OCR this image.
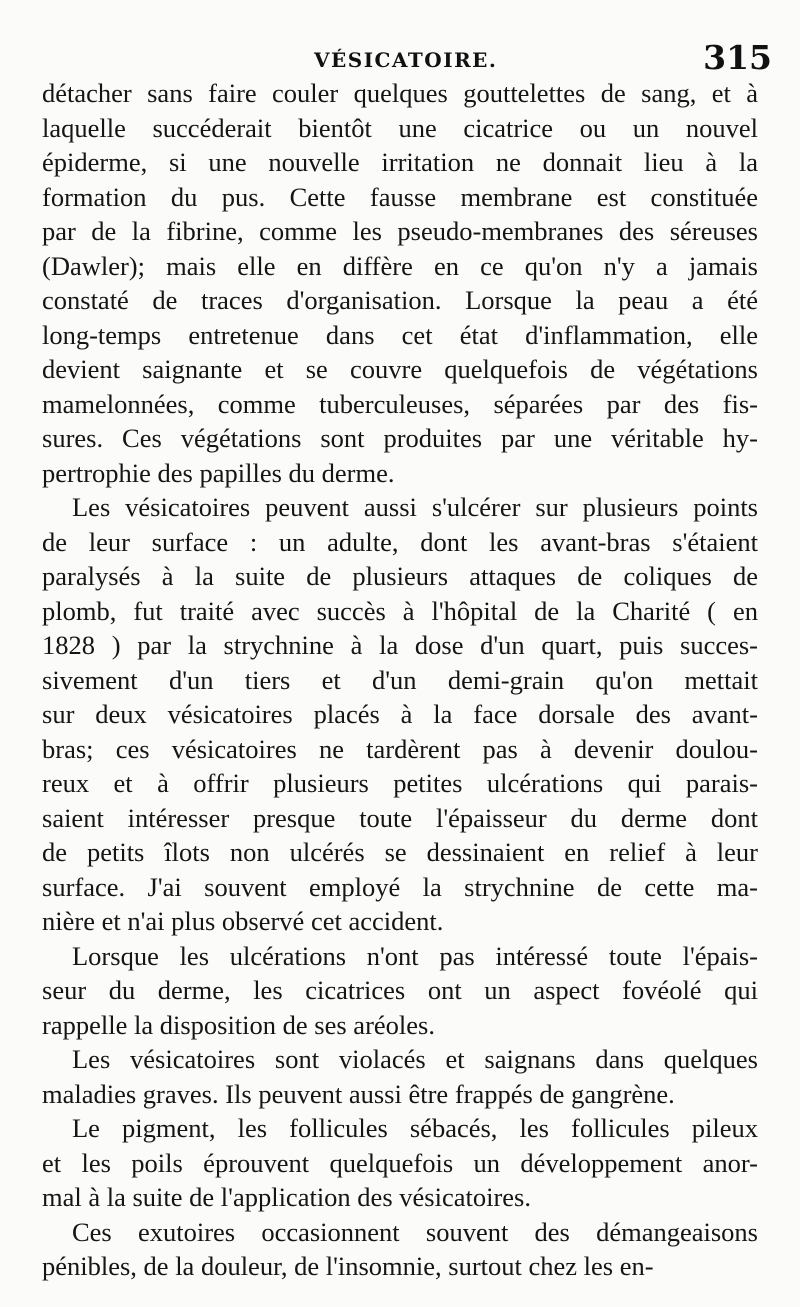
VÉSICATOIRE.	315
détacher sans faire couler quelques gouttelettes de sang, et à
laquelle succéderait bientôt une cicatrice ou un nouvel
épiderme, si une nouvelle irritation ne donnait lieu à la
formation du pus. Cette fausse membrane est constituée
par de la fibrine, comme les pseudo-membranes des séreuses
(Dawler); mais elle en diffère en ce qu'on n'y a jamais
constaté de traces d'organisation. Lorsque la peau a été
long-temps entretenue dans cet état d'inflammation, elle
devient saignante et se couvre quelquefois de végétations
mamelonnées, comme tuberculeuses, séparées par des fis-
sures. Ces végétations sont produites par une véritable hy-
pertrophie des papilles du derme.
Les vésicatoires peuvent aussi s'ulcérer sur plusieurs points
de leur surface : un adulte, dont les avant-bras s'étaient
paralysés à la suite de plusieurs attaques de coliques de
plomb, fut traité avec succès à l'hôpital de la Charité ( en
1828 ) par la strychnine à la dose d'un quart, puis succes-
sivement d'un tiers et d'un demi-grain qu'on mettait
sur deux vésicatoires placés à la face dorsale des avant-
bras; ces vésicatoires ne tardèrent pas à devenir doulou-
reux et à offrir plusieurs petites ulcérations qui parais-
saient intéresser presque toute l'épaisseur du derme dont
de petits îlots non ulcérés se dessinaient en relief à leur
surface. J'ai souvent employé la strychnine de cette ma-
nière et n'ai plus observé cet accident.
Lorsque les ulcérations n'ont pas intéressé toute l'épais-
seur du derme, les cicatrices ont un aspect fovéolé qui
rappelle la disposition de ses aréoles.
Les vésicatoires sont violacés et saignans dans quelques
maladies graves. Ils peuvent aussi être frappés de gangrène.
Le pigment, les follicules sébacés, les follicules pileux
et les poils éprouvent quelquefois un développement anor-
mal à la suite de l'application des vésicatoires.
Ces exutoires occasionnent souvent des démangeaisons
pénibles, de la douleur, de l'insomnie, surtout chez les en-
